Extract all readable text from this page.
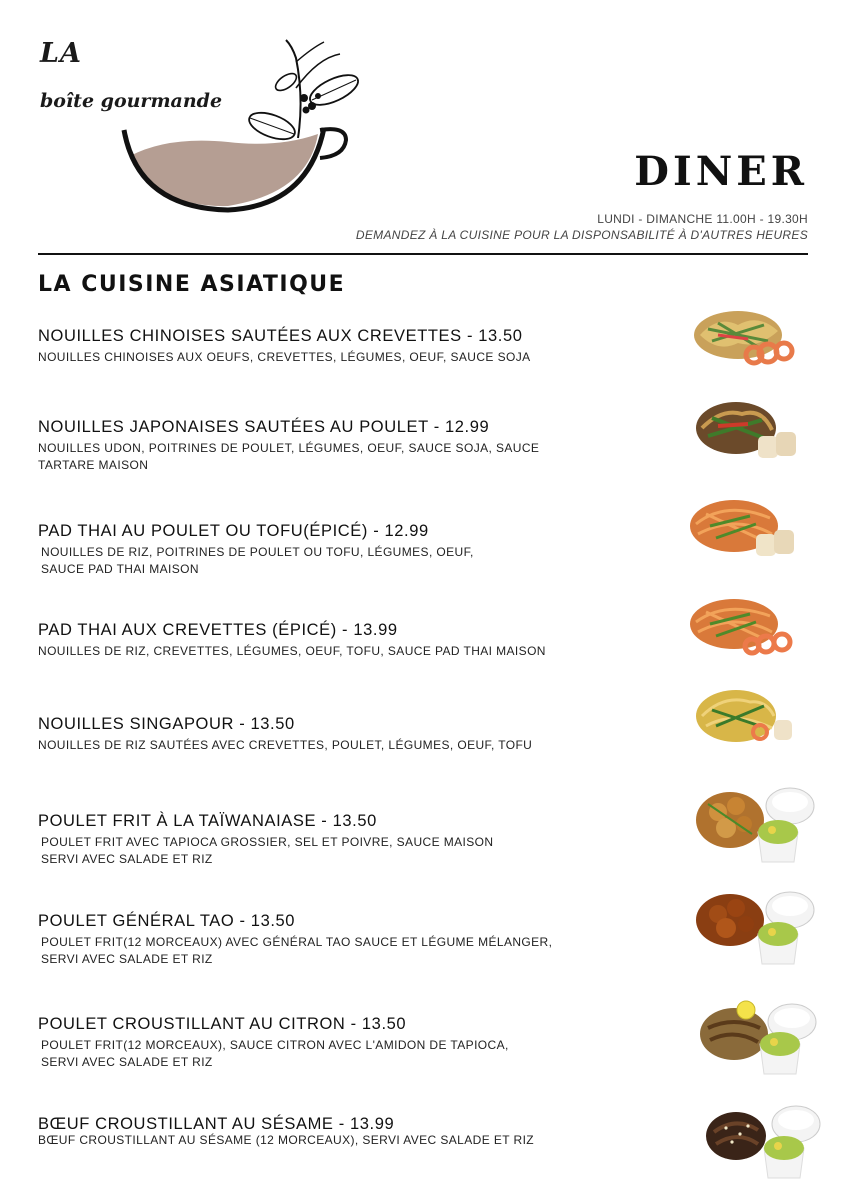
LA
boîte gourmande
DINER
LUNDI - DIMANCHE 11.00H - 19.30H
DEMANDEZ À LA CUISINE POUR LA DISPONSABILITÉ À D'AUTRES HEURES
LA CUISINE ASIATIQUE
NOUILLES CHINOISES SAUTÉES AUX CREVETTES - 13.50
NOUILLES CHINOISES AUX OEUFS, CREVETTES, LÉGUMES, OEUF, SAUCE SOJA
NOUILLES JAPONAISES SAUTÉES AU POULET - 12.99
NOUILLES UDON, POITRINES DE POULET, LÉGUMES, OEUF, SAUCE SOJA, SAUCE
TARTARE MAISON
PAD THAI AU POULET OU TOFU(ÉPICÉ) - 12.99
NOUILLES DE RIZ, POITRINES DE POULET OU TOFU, LÉGUMES, OEUF,
SAUCE PAD THAI MAISON
PAD THAI AUX CREVETTES (ÉPICÉ) - 13.99
NOUILLES DE RIZ, CREVETTES, LÉGUMES, OEUF, TOFU, SAUCE PAD THAI MAISON
NOUILLES SINGAPOUR - 13.50
NOUILLES DE RIZ SAUTÉES AVEC CREVETTES, POULET, LÉGUMES, OEUF, TOFU
POULET FRIT À LA TAÏWANAIASE - 13.50
POULET FRIT AVEC TAPIOCA GROSSIER, SEL ET POIVRE, SAUCE MAISON
SERVI AVEC SALADE ET RIZ
POULET GÉNÉRAL TAO - 13.50
POULET FRIT(12 MORCEAUX) AVEC GÉNÉRAL TAO SAUCE ET LÉGUME MÉLANGER,
SERVI AVEC SALADE ET RIZ
POULET CROUSTILLANT AU CITRON - 13.50
POULET FRIT(12 MORCEAUX), SAUCE CITRON AVEC L'AMIDON DE TAPIOCA,
SERVI AVEC SALADE ET RIZ
BŒUF CROUSTILLANT AU SÉSAME - 13.99
BŒUF CROUSTILLANT AU SÉSAME (12 MORCEAUX), SERVI AVEC SALADE ET RIZ
